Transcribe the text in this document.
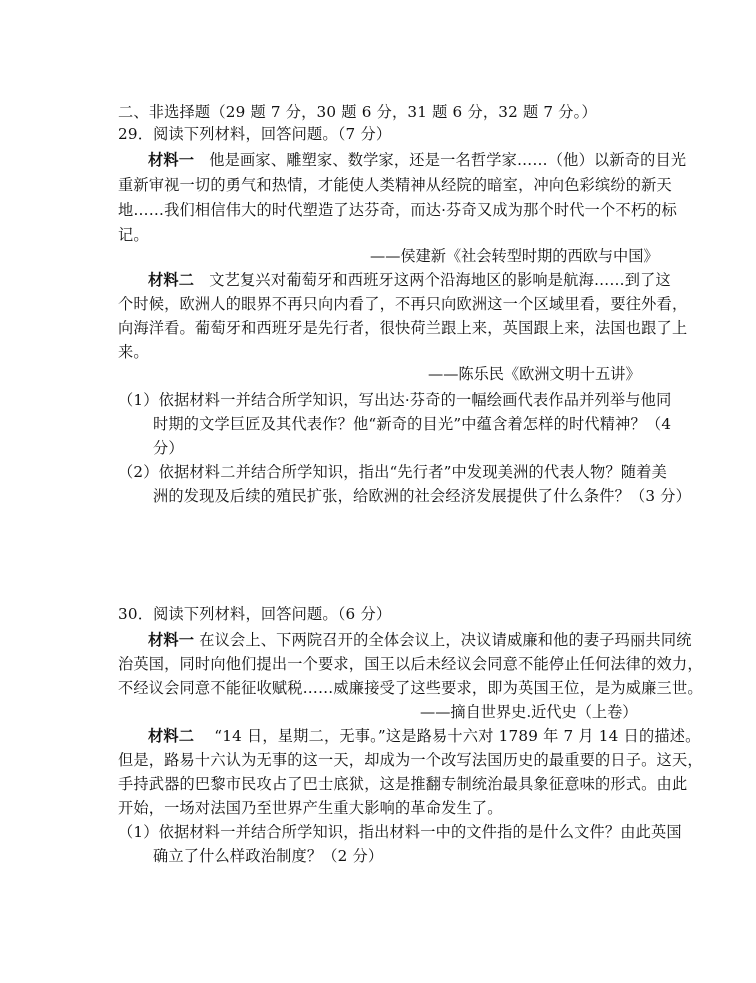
二、非选择题（29 题 7 分，30 题 6 分，31 题 6 分，32 题 7 分。）
29．阅读下列材料，回答问题。（7 分）
材料一 他是画家、雕塑家、数学家，还是一名哲学家……（他）以新奇的目光
重新审视一切的勇气和热情，才能使人类精神从经院的暗室，冲向色彩缤纷的新天
地……我们相信伟大的时代塑造了达芬奇，而达·芬奇又成为那个时代一个不朽的标
记。
——侯建新《社会转型时期的西欧与中国》
材料二 文艺复兴对葡萄牙和西班牙这两个沿海地区的影响是航海……到了这
个时候，欧洲人的眼界不再只向内看了，不再只向欧洲这一个区域里看，要往外看，
向海洋看。葡萄牙和西班牙是先行者，很快荷兰跟上来，英国跟上来，法国也跟了上
来。
——陈乐民《欧洲文明十五讲》
（1）依据材料一并结合所学知识，写出达·芬奇的一幅绘画代表作品并列举与他同
时期的文学巨匠及其代表作？他“新奇的目光”中蕴含着怎样的时代精神？（4
分）
（2）依据材料二并结合所学知识，指出“先行者”中发现美洲的代表人物？随着美
洲的发现及后续的殖民扩张，给欧洲的社会经济发展提供了什么条件？（3 分）
30．阅读下列材料，回答问题。（6 分）
材料一 在议会上、下两院召开的全体会议上，决议请威廉和他的妻子玛丽共同统
治英国，同时向他们提出一个要求，国王以后未经议会同意不能停止任何法律的效力，
不经议会同意不能征收赋税……威廉接受了这些要求，即为英国王位，是为威廉三世。
——摘自世界史.近代史（上卷）
材料二 “14 日，星期二，无事。”这是路易十六对 1789 年 7 月 14 日的描述。
但是，路易十六认为无事的这一天，却成为一个改写法国历史的最重要的日子。这天，
手持武器的巴黎市民攻占了巴士底狱，这是推翻专制统治最具象征意味的形式。由此
开始，一场对法国乃至世界产生重大影响的革命发生了。
（1）依据材料一并结合所学知识，指出材料一中的文件指的是什么文件？由此英国
确立了什么样政治制度？（2 分）
